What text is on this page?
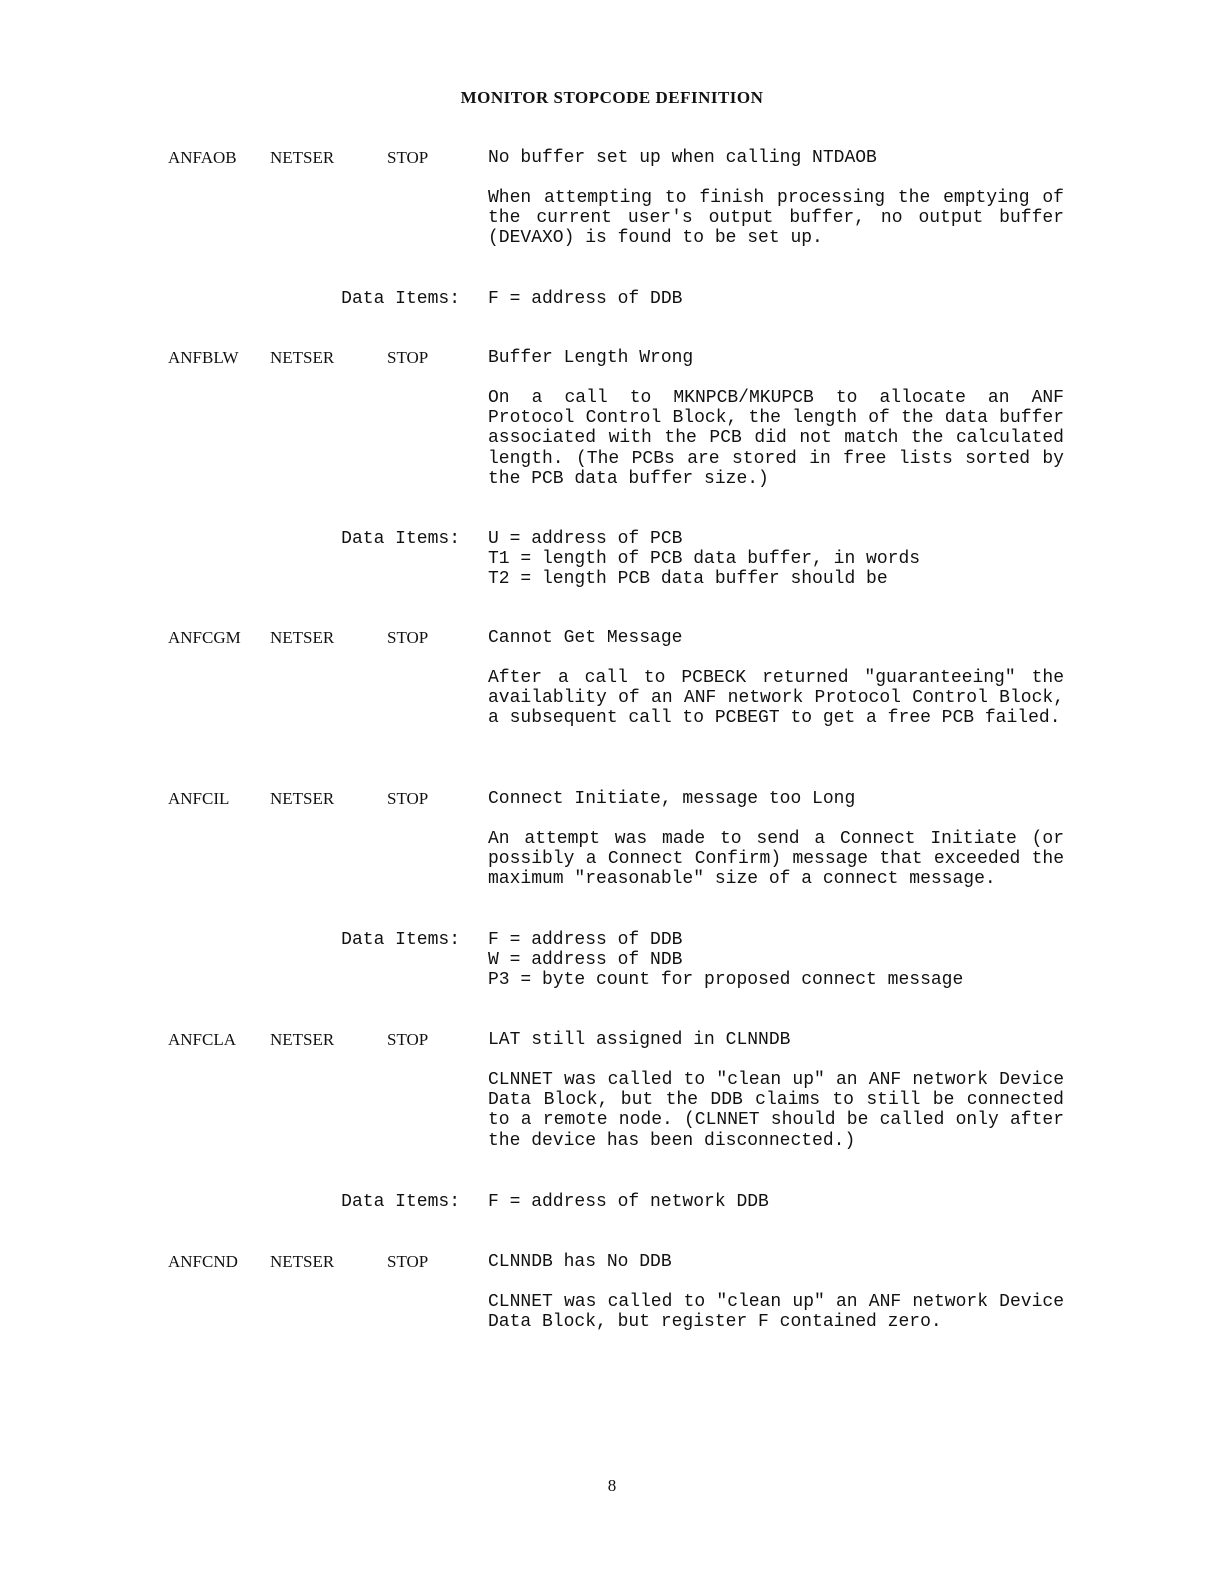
MONITOR STOPCODE DEFINITION
ANFAOB NETSER	STOP	No buffer set up when calling NTDAOB
When attempting to finish processing the emptying of the current user's output buffer, no output buffer (DEVAXO) is found to be set up.
Data Items: F = address of DDB
ANFBLW NETSER	STOP	Buffer Length Wrong
On a call to MKNPCB/MKUPCB to allocate an ANF Protocol Control Block, the length of the data buffer associated with the PCB did not match the calculated length. (The PCBs are stored in free lists sorted by the PCB data buffer size.)
Data Items: U = address of PCB
T1 = length of PCB data buffer, in words
T2 = length PCB data buffer should be
ANFCGM NETSER	STOP	Cannot Get Message
After a call to PCBECK returned "guaranteeing" the availablity of an ANF network Protocol Control Block, a subsequent call to PCBEGT to get a free PCB failed.
ANFCIL NETSER	STOP	Connect Initiate, message too Long
An attempt was made to send a Connect Initiate (or possibly a Connect Confirm) message that exceeded the maximum "reasonable" size of a connect message.
Data Items: F = address of DDB
W = address of NDB
P3 = byte count for proposed connect message
ANFCLA NETSER	STOP	LAT still assigned in CLNNDB
CLNNET was called to "clean up" an ANF network Device Data Block, but the DDB claims to still be connected to a remote node. (CLNNET should be called only after the device has been disconnected.)
Data Items: F = address of network DDB
ANFCND NETSER	STOP	CLNNDB has No DDB
CLNNET was called to "clean up" an ANF network Device Data Block, but register F contained zero.
8
